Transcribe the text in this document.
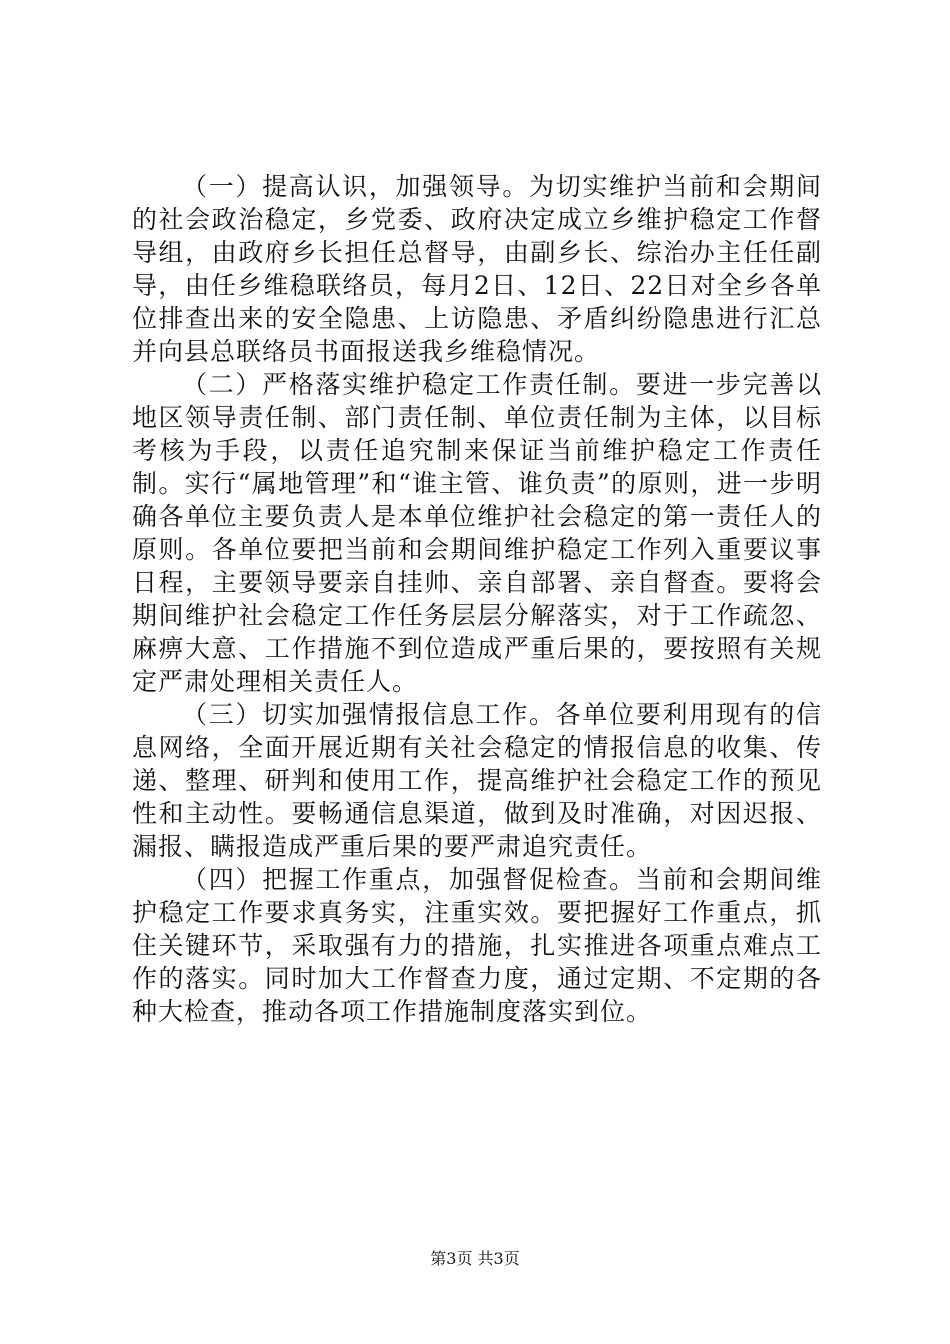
（一）提高认识，加强领导。为切实维护当前和会期间的社会政治稳定，乡党委、政府决定成立乡维护稳定工作督导组，由政府乡长担任总督导，由副乡长、综治办主任任副导，由任乡维稳联络员，每月2日、12日、22日对全乡各单位排查出来的安全隐患、上访隐患、矛盾纠纷隐患进行汇总并向县总联络员书面报送我乡维稳情况。

（二）严格落实维护稳定工作责任制。要进一步完善以地区领导责任制、部门责任制、单位责任制为主体，以目标考核为手段，以责任追究制来保证当前维护稳定工作责任制。实行“属地管理”和“谁主管、谁负责”的原则，进一步明确各单位主要负责人是本单位维护社会稳定的第一责任人的原则。各单位要把当前和会期间维护稳定工作列入重要议事日程，主要领导要亲自挂帅、亲自部署、亲自督查。要将会期间维护社会稳定工作任务层层分解落实，对于工作疏忽、麻痹大意、工作措施不到位造成严重后果的，要按照有关规定严肃处理相关责任人。

（三）切实加强情报信息工作。各单位要利用现有的信息网络，全面开展近期有关社会稳定的情报信息的收集、传递、整理、研判和使用工作，提高维护社会稳定工作的预见性和主动性。要畅通信息渠道，做到及时准确，对因迟报、漏报、瞒报造成严重后果的要严肃追究责任。

（四）把握工作重点，加强督促检查。当前和会期间维护稳定工作要求真务实，注重实效。要把握好工作重点，抓住关键环节，采取强有力的措施，扎实推进各项重点难点工作的落实。同时加大工作督查力度，通过定期、不定期的各种大检查，推动各项工作措施制度落实到位。

第3页 共3页
